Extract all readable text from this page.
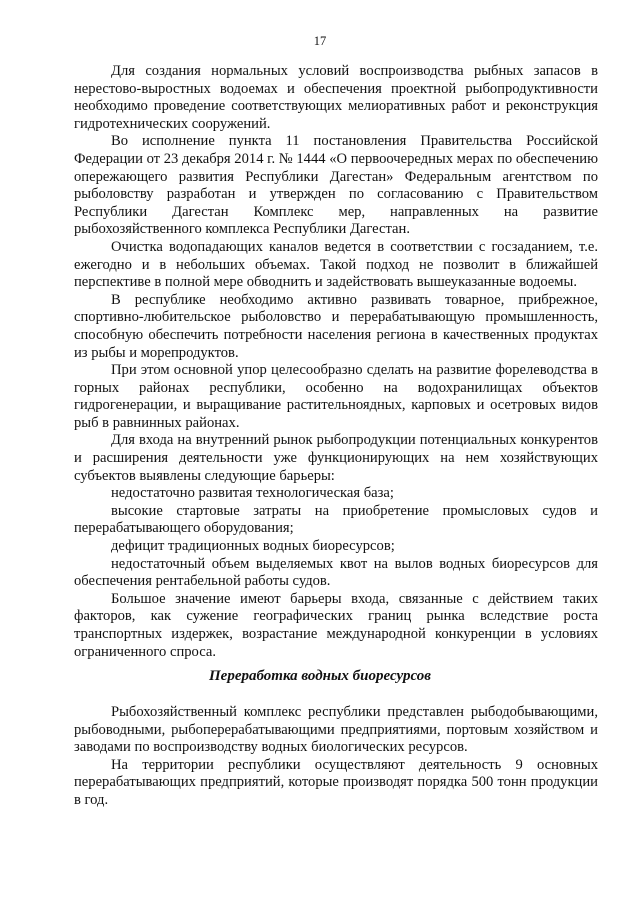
17

Для создания нормальных условий воспроизводства рыбных запасов в нерестово-выростных водоемах и обеспечения проектной рыбопродуктивности необходимо проведение соответствующих мелиоративных работ и реконструкция гидротехнических сооружений.

Во исполнение пункта 11 постановления Правительства Российской Федерации от 23 декабря 2014 г. № 1444 «О первоочередных мерах по обеспечению опережающего развития Республики Дагестан» Федеральным агентством по рыболовству разработан и утвержден по согласованию с Правительством Республики Дагестан Комплекс мер, направленных на развитие рыбохозяйственного комплекса Республики Дагестан.

Очистка водопадающих каналов ведется в соответствии с госзаданием, т.е. ежегодно и в небольших объемах. Такой подход не позволит в ближайшей перспективе в полной мере обводнить и задействовать вышеуказанные водоемы.

В республике необходимо активно развивать товарное, прибрежное, спортивно-любительское рыболовство и перерабатывающую промышленность, способную обеспечить потребности населения региона в качественных продуктах из рыбы и морепродуктов.

При этом основной упор целесообразно сделать на развитие форелеводства в горных районах республики, особенно на водохранилищах объектов гидрогенерации, и выращивание растительноядных, карповых и осетровых видов рыб в равнинных районах.

Для входа на внутренний рынок рыбопродукции потенциальных конкурентов и расширения деятельности уже функционирующих на нем хозяйствующих субъектов выявлены следующие барьеры:

недостаточно развитая технологическая база;

высокие стартовые затраты на приобретение промысловых судов и перерабатывающего оборудования;

дефицит традиционных водных биоресурсов;

недостаточный объем выделяемых квот на вылов водных биоресурсов для обеспечения рентабельной работы судов.

Большое значение имеют барьеры входа, связанные с действием таких факторов, как сужение географических границ рынка вследствие роста транспортных издержек, возрастание международной конкуренции в условиях ограниченного спроса.

Переработка водных биоресурсов

Рыбохозяйственный комплекс республики представлен рыбодобывающими, рыбоводными, рыбоперерабатывающими предприятиями, портовым хозяйством и заводами по воспроизводству водных биологических ресурсов.

На территории республики осуществляют деятельность 9 основных перерабатывающих предприятий, которые производят порядка 500 тонн продукции в год.
